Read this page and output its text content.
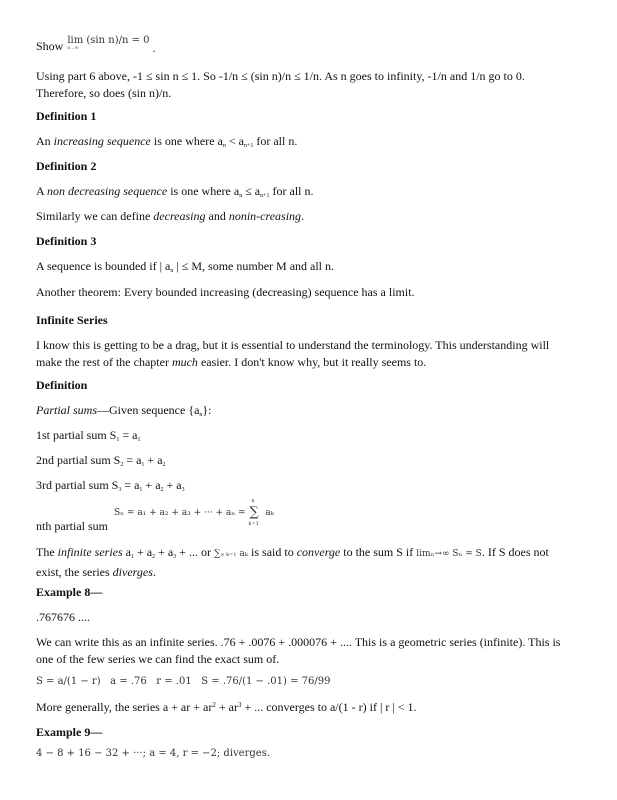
Show lim (sin n)/n = 0
n→∞	.
Using part 6 above, -1 ≤ sin n ≤ 1. So -1/n ≤ (sin n)/n ≤ 1/n. As n goes to infinity, -1/n and 1/n go to 0.
Therefore, so does (sin n)/n.
Definition 1
An increasing sequence is one where an < an+1 for all n.
Definition 2
A non decreasing sequence is one where an ≤ an+1 for all n.
Similarly we can define decreasing and nonin-creasing.
Definition 3
A sequence is bounded if | an | ≤ M, some number M and all n.
Another theorem: Every bounded increasing (decreasing) sequence has a limit.
Infinite Series
I know this is getting to be a drag, but it is essential to understand the terminology. This understanding will
make the rest of the chapter much easier. I don't know why, but it really seems to.
Definition
Partial sums—Given sequence {an}:
1st partial sum S1 = a1
2nd partial sum S2 = a1 + a2
3rd partial sum S3 = a1 + a2 + a3
Sₙ = a₁ + a₂ + a₃ + ··· + aₙ =
n
∑
k=1
aₖ
nth partial sum
The infinite series a1 + a2 + a3 + ... or ∑∞ k=1 aₖ is said to converge to the sum S if limₙ→∞ Sₙ = S. If S does not
exist, the series diverges.
Example 8—
.767676 ....
We can write this as an infinite series. .76 + .0076 + .000076 + .... This is a geometric series (infinite). This is
one of the few series we can find the exact sum of.
S = a/(1 − r)   a = .76   r = .01   S = .76/(1 − .01) = 76/99
More generally, the series a + ar + $ar^2 + ar^3$ + ... converges to a/(1 - r) if | r | < 1.
Example 9—
4 − 8 + 16 − 32 + ···; a = 4, r = −2; diverges.
